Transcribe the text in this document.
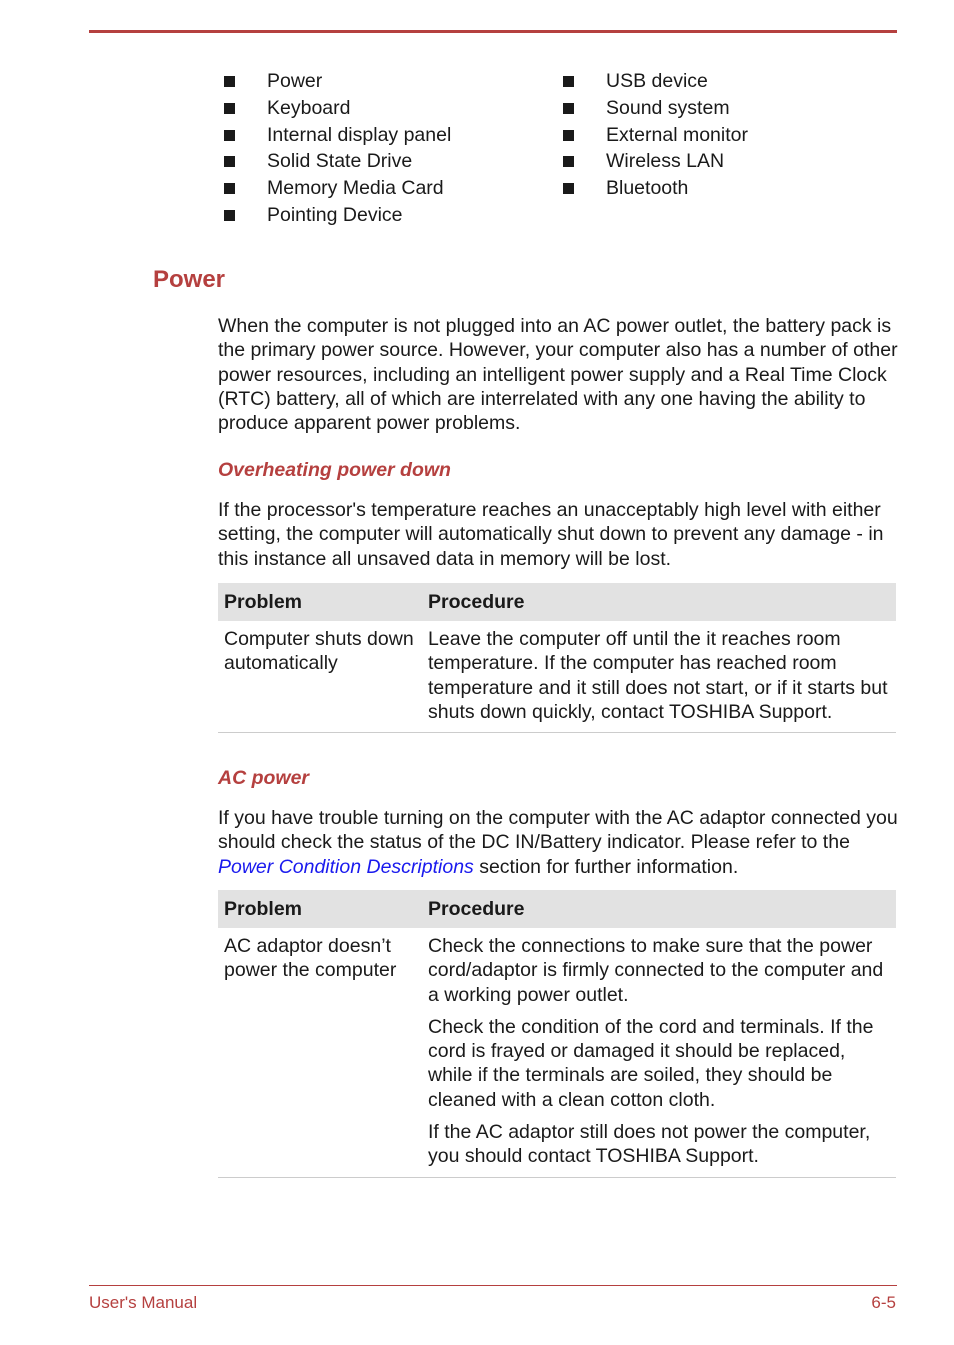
Power
Keyboard
Internal display panel
Solid State Drive
Memory Media Card
Pointing Device
USB device
Sound system
External monitor
Wireless LAN
Bluetooth
Power

When the computer is not plugged into an AC power outlet, the battery pack is the primary power source. However, your computer also has a number of other power resources, including an intelligent power supply and a Real Time Clock (RTC) battery, all of which are interrelated with any one having the ability to produce apparent power problems.

Overheating power down

If the processor's temperature reaches an unacceptably high level with either setting, the computer will automatically shut down to prevent any damage - in this instance all unsaved data in memory will be lost.

Problem	Procedure
Computer shuts down automatically	Leave the computer off until the it reaches room temperature. If the computer has reached room temperature and it still does not start, or if it starts but shuts down quickly, contact TOSHIBA Support.

AC power

If you have trouble turning on the computer with the AC adaptor connected you should check the status of the DC IN/Battery indicator. Please refer to the Power Condition Descriptions section for further information.

Problem	Procedure
AC adaptor doesn’t power the computer	Check the connections to make sure that the power cord/adaptor is firmly connected to the computer and a working power outlet.

Check the condition of the cord and terminals. If the cord is frayed or damaged it should be replaced, while if the terminals are soiled, they should be cleaned with a clean cotton cloth.

If the AC adaptor still does not power the computer, you should contact TOSHIBA Support.

User's Manual	6-5
